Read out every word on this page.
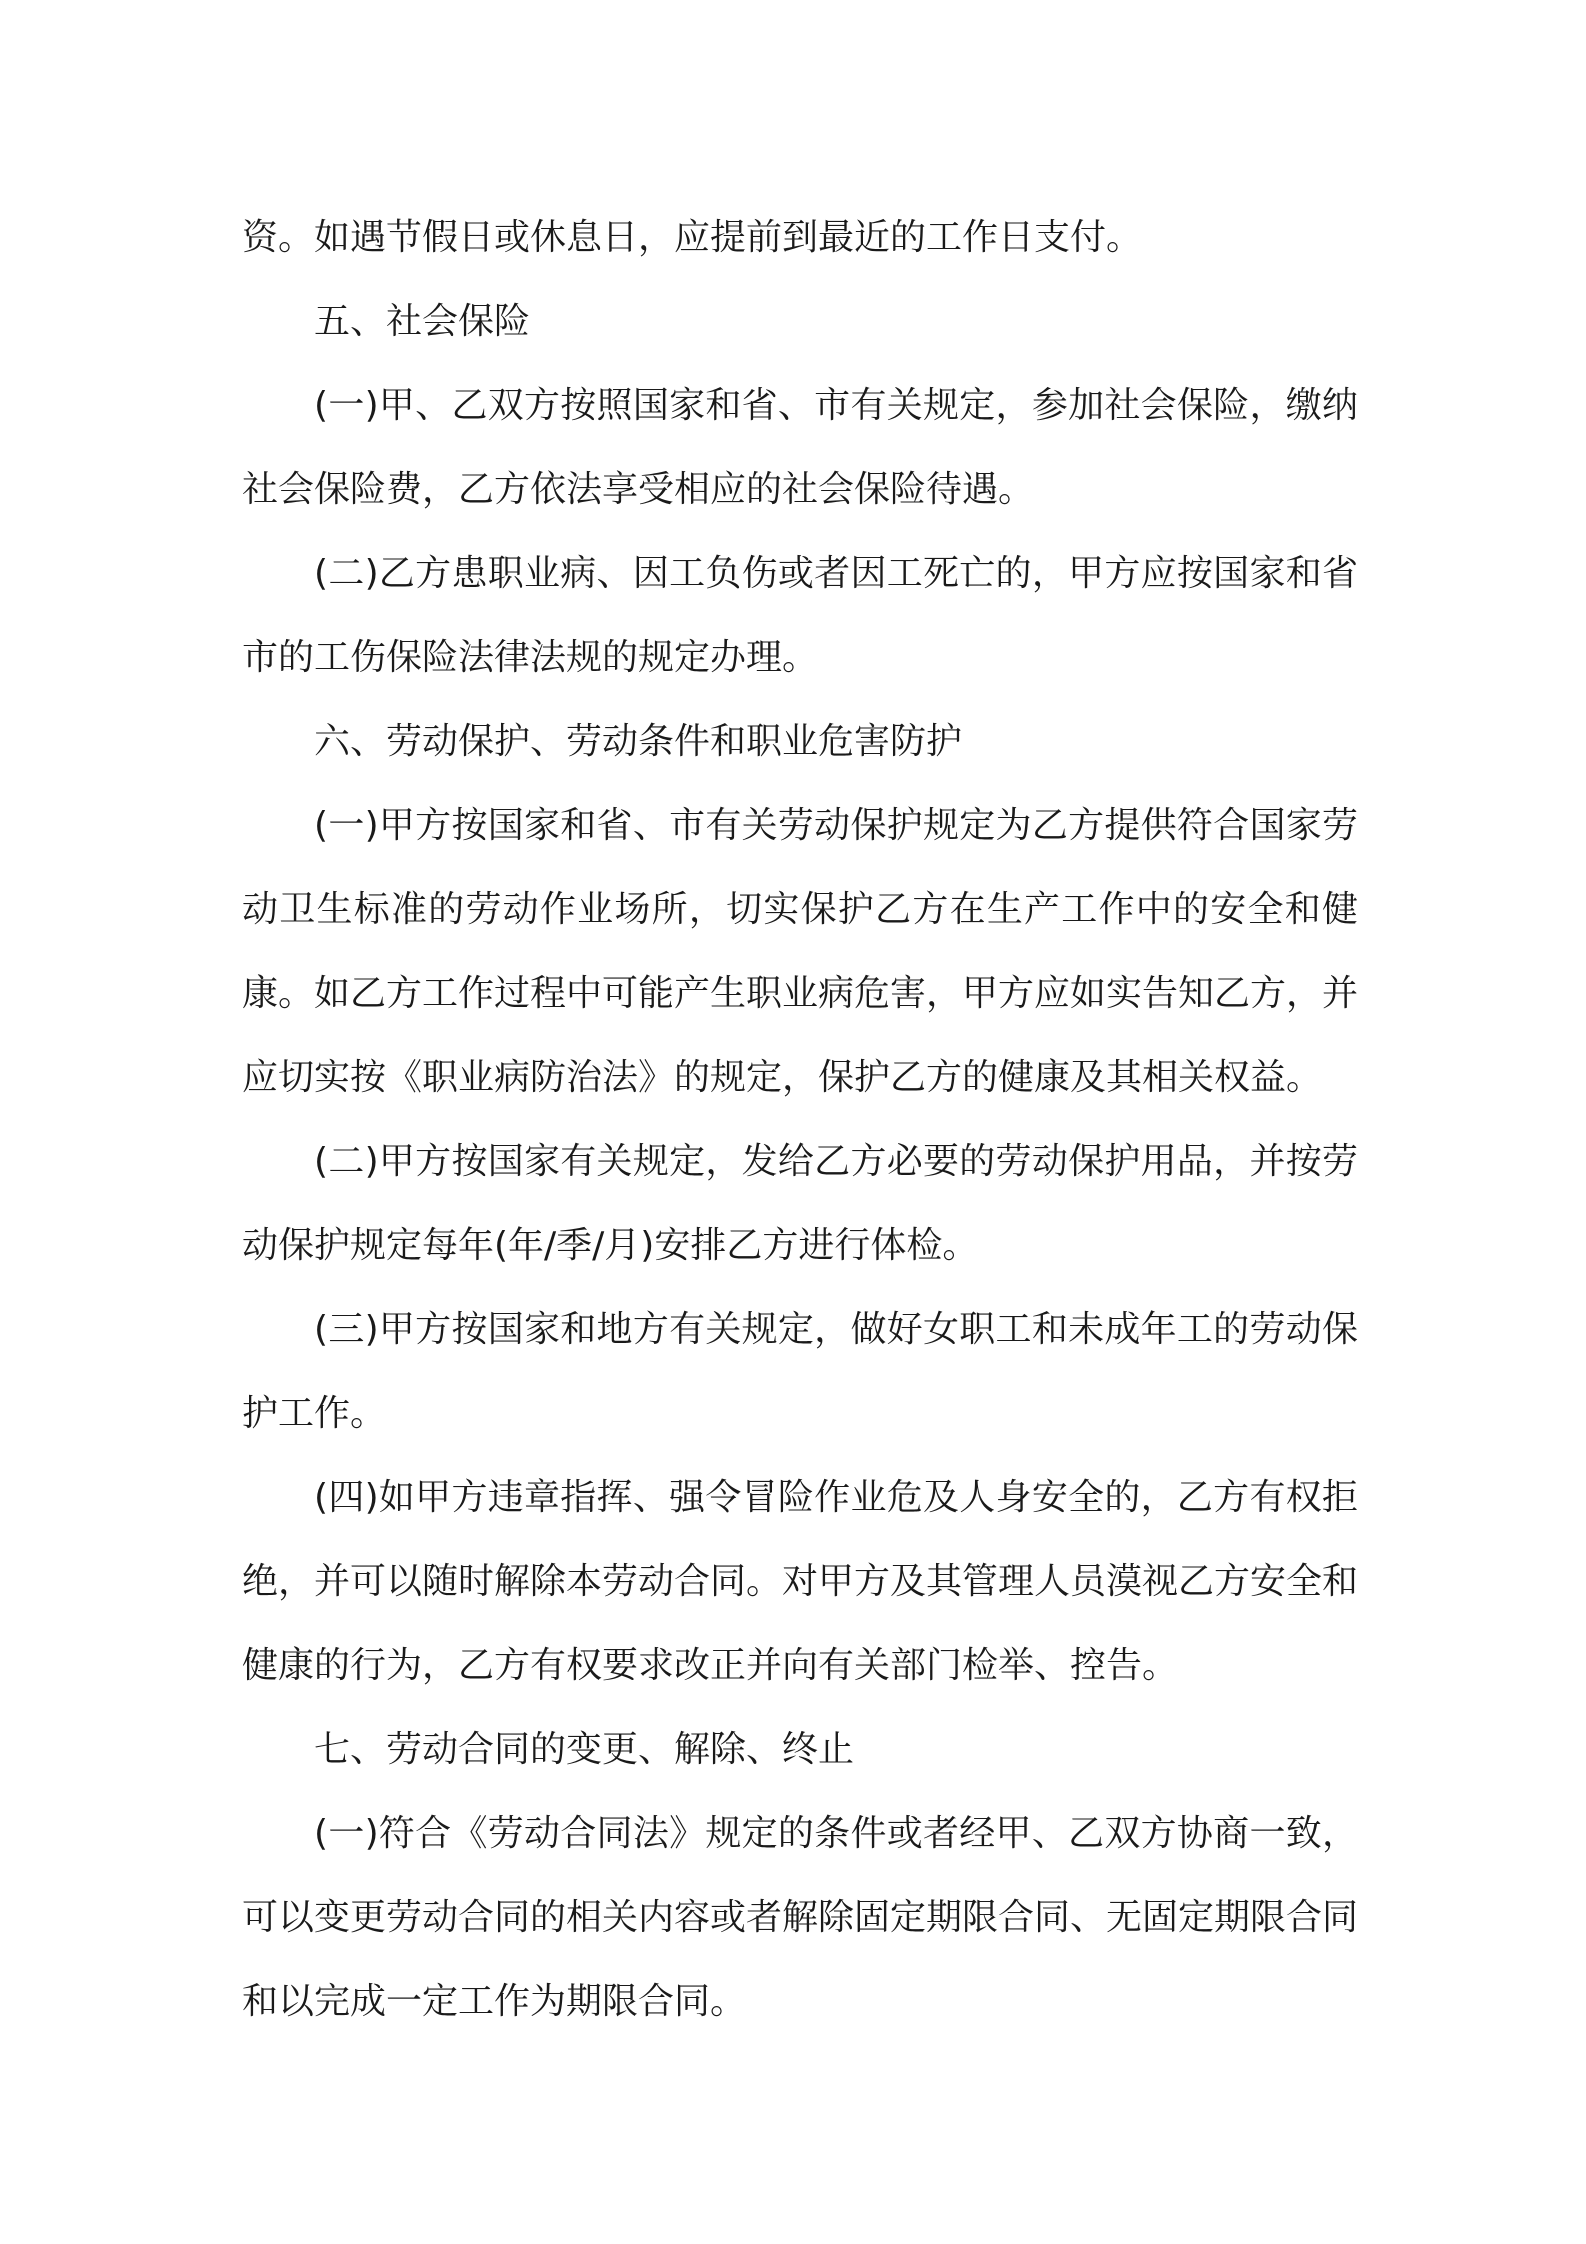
资。如遇节假日或休息日，应提前到最近的工作日支付。

五、社会保险

(一)甲、乙双方按照国家和省、市有关规定，参加社会保险，缴纳社会保险费，乙方依法享受相应的社会保险待遇。

(二)乙方患职业病、因工负伤或者因工死亡的，甲方应按国家和省市的工伤保险法律法规的规定办理。

六、劳动保护、劳动条件和职业危害防护

(一)甲方按国家和省、市有关劳动保护规定为乙方提供符合国家劳动卫生标准的劳动作业场所，切实保护乙方在生产工作中的安全和健康。如乙方工作过程中可能产生职业病危害，甲方应如实告知乙方，并应切实按《职业病防治法》的规定，保护乙方的健康及其相关权益。

(二)甲方按国家有关规定，发给乙方必要的劳动保护用品，并按劳动保护规定每年(年/季/月)安排乙方进行体检。

(三)甲方按国家和地方有关规定，做好女职工和未成年工的劳动保护工作。

(四)如甲方违章指挥、强令冒险作业危及人身安全的，乙方有权拒绝，并可以随时解除本劳动合同。对甲方及其管理人员漠视乙方安全和健康的行为，乙方有权要求改正并向有关部门检举、控告。

七、劳动合同的变更、解除、终止

(一)符合《劳动合同法》规定的条件或者经甲、乙双方协商一致，可以变更劳动合同的相关内容或者解除固定期限合同、无固定期限合同和以完成一定工作为期限合同。
